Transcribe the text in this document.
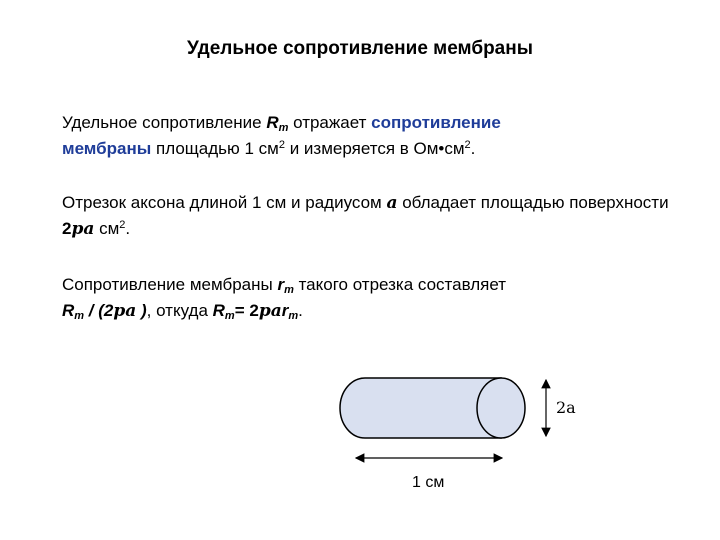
Удельное сопротивление мембраны
Удельное сопротивление $R_m$ отражает сопротивление
мембраны площадью 1 $см^2$ и измеряется в $Ом•см^2$.
Отрезок аксона длиной 1 см и радиусом a обладает площадью поверхности 2pa $см^2$.
Сопротивление мембраны $r_m$ такого отрезка составляет
$R_m / (2pa$ ), откуда $R_m= 2par_m$.
2a
1 см
